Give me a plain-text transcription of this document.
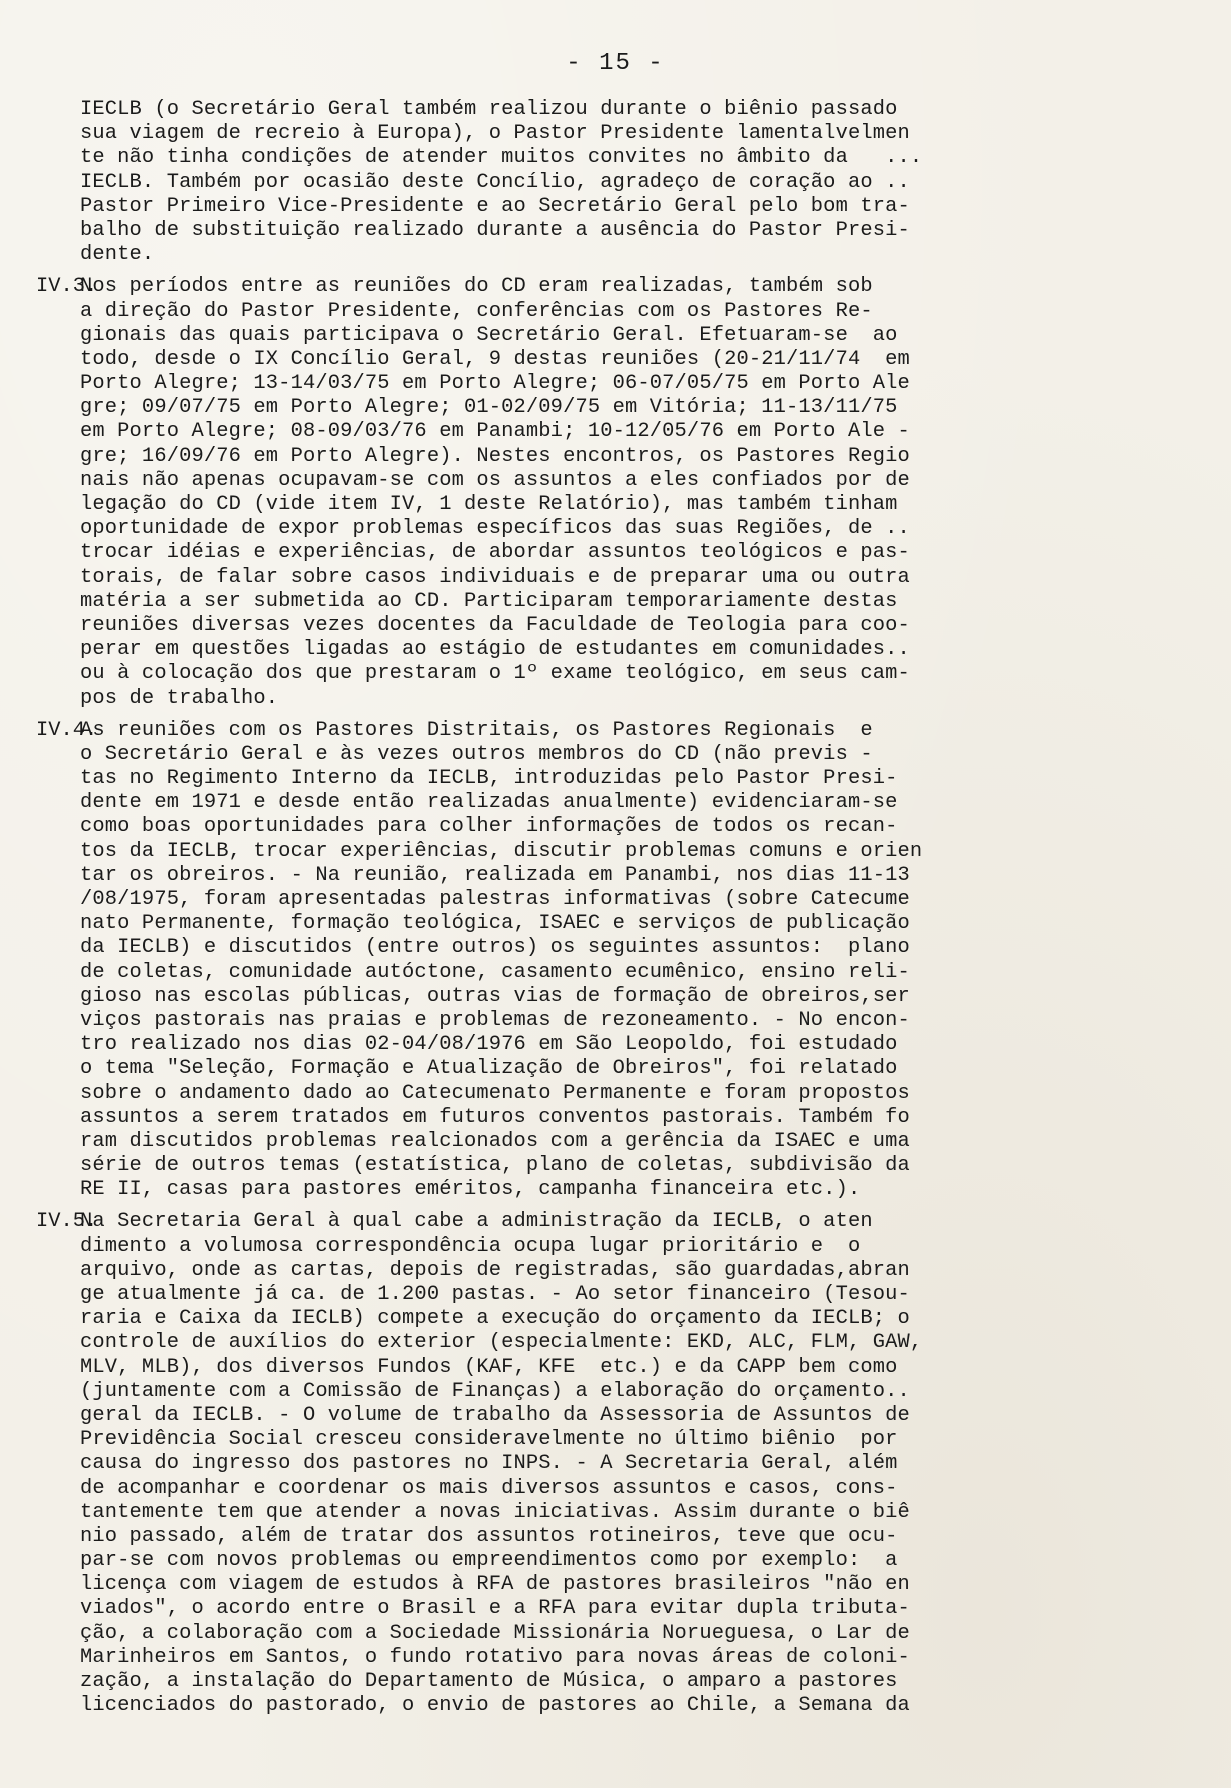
- 15 -
IECLB (o Secretário Geral também realizou durante o biênio passado
sua viagem de recreio à Europa), o Pastor Presidente lamentalvelmen
te não tinha condições de atender muitos convites no âmbito da   ...
IECLB. Também por ocasião deste Concílio, agradeço de coração ao ..
Pastor Primeiro Vice-Presidente e ao Secretário Geral pelo bom tra-
balho de substituição realizado durante a ausência do Pastor Presi-
dente.
IV.3.
Nos períodos entre as reuniões do CD eram realizadas, também sob
a direção do Pastor Presidente, conferências com os Pastores Re-
gionais das quais participava o Secretário Geral. Efetuaram-se  ao
todo, desde o IX Concílio Geral, 9 destas reuniões (20-21/11/74  em
Porto Alegre; 13-14/03/75 em Porto Alegre; 06-07/05/75 em Porto Ale
gre; 09/07/75 em Porto Alegre; 01-02/09/75 em Vitória; 11-13/11/75
em Porto Alegre; 08-09/03/76 em Panambi; 10-12/05/76 em Porto Ale -
gre; 16/09/76 em Porto Alegre). Nestes encontros, os Pastores Regio
nais não apenas ocupavam-se com os assuntos a eles confiados por de
legação do CD (vide item IV, 1 deste Relatório), mas também tinham
oportunidade de expor problemas específicos das suas Regiões, de ..
trocar idéias e experiências, de abordar assuntos teológicos e pas-
torais, de falar sobre casos individuais e de preparar uma ou outra
matéria a ser submetida ao CD. Participaram temporariamente destas
reuniões diversas vezes docentes da Faculdade de Teologia para coo-
perar em questões ligadas ao estágio de estudantes em comunidades..
ou à colocação dos que prestaram o 1º exame teológico, em seus cam-
pos de trabalho.
IV.4.
As reuniões com os Pastores Distritais, os Pastores Regionais  e
o Secretário Geral e às vezes outros membros do CD (não previs -
tas no Regimento Interno da IECLB, introduzidas pelo Pastor Presi-
dente em 1971 e desde então realizadas anualmente) evidenciaram-se
como boas oportunidades para colher informações de todos os recan-
tos da IECLB, trocar experiências, discutir problemas comuns e orien
tar os obreiros. - Na reunião, realizada em Panambi, nos dias 11-13
/08/1975, foram apresentadas palestras informativas (sobre Catecume
nato Permanente, formação teológica, ISAEC e serviços de publicação
da IECLB) e discutidos (entre outros) os seguintes assuntos:  plano
de coletas, comunidade autóctone, casamento ecumênico, ensino reli-
gioso nas escolas públicas, outras vias de formação de obreiros,ser
viços pastorais nas praias e problemas de rezoneamento. - No encon-
tro realizado nos dias 02-04/08/1976 em São Leopoldo, foi estudado
o tema "Seleção, Formação e Atualização de Obreiros", foi relatado
sobre o andamento dado ao Catecumenato Permanente e foram propostos
assuntos a serem tratados em futuros conventos pastorais. Também fo
ram discutidos problemas realcionados com a gerência da ISAEC e uma
série de outros temas (estatística, plano de coletas, subdivisão da
RE II, casas para pastores eméritos, campanha financeira etc.).
IV.5.
Na Secretaria Geral à qual cabe a administração da IECLB, o aten
dimento a volumosa correspondência ocupa lugar prioritário e  o
arquivo, onde as cartas, depois de registradas, são guardadas,abran
ge atualmente já ca. de 1.200 pastas. - Ao setor financeiro (Tesou-
raria e Caixa da IECLB) compete a execução do orçamento da IECLB; o
controle de auxílios do exterior (especialmente: EKD, ALC, FLM, GAW,
MLV, MLB), dos diversos Fundos (KAF, KFE  etc.) e da CAPP bem como
(juntamente com a Comissão de Finanças) a elaboração do orçamento..
geral da IECLB. - O volume de trabalho da Assessoria de Assuntos de
Previdência Social cresceu consideravelmente no último biênio  por
causa do ingresso dos pastores no INPS. - A Secretaria Geral, além
de acompanhar e coordenar os mais diversos assuntos e casos, cons-
tantemente tem que atender a novas iniciativas. Assim durante o biê
nio passado, além de tratar dos assuntos rotineiros, teve que ocu-
par-se com novos problemas ou empreendimentos como por exemplo:  a
licença com viagem de estudos à RFA de pastores brasileiros "não en
viados", o acordo entre o Brasil e a RFA para evitar dupla tributa-
ção, a colaboração com a Sociedade Missionária Norueguesa, o Lar de
Marinheiros em Santos, o fundo rotativo para novas áreas de coloni-
zação, a instalação do Departamento de Música, o amparo a pastores
licenciados do pastorado, o envio de pastores ao Chile, a Semana da
